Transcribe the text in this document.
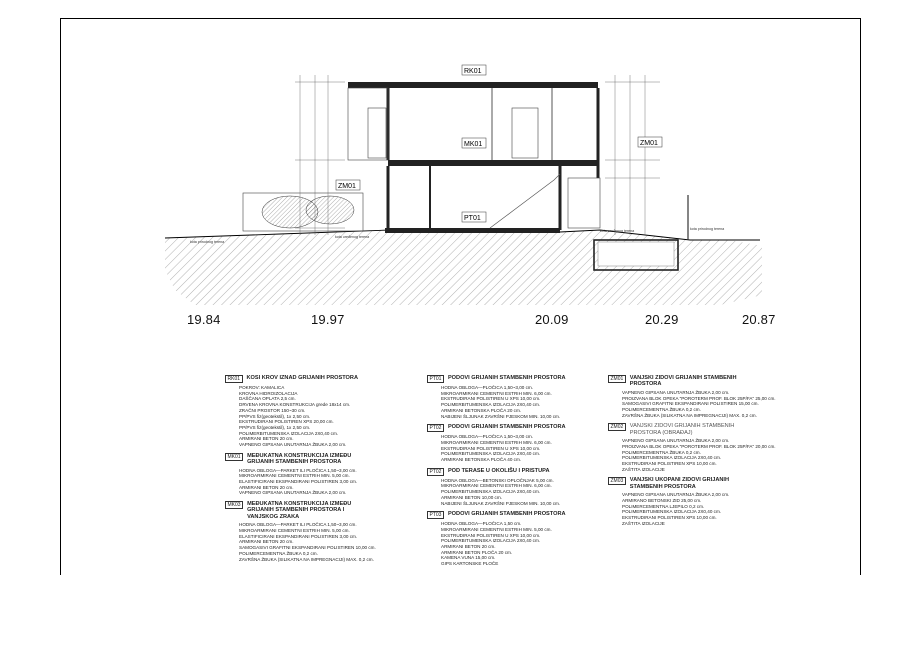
RK01
MK01	ZM01
ZM01
PT01
kota prirodnog terena
kota uređenog terena
kota prirodnog terena
kota uređenog terena
19.84	19.97	20.09	20.29	20.87
RK01	KOSI KROV IZNAD GRIJANIH PROSTORA
POKROV: KAMALICA
KROVNA HIDROIZOLACIJA
DAŠČANA OPLATA 2,5 cm.
DRVENA KROVNA KONSTRUKCIJA grede 18x14 cm.
ZRAČNI PROSTOR 150~30 cm.
PP/PVS fiz(geotekstil), 1x 2,50 cm.
EKSTRUDIRANI POLISTIREN XPS 20,00 cm.
PP/PVS fiz(geotekstil), 1x 2,50 cm.
POLIMERBITUMENSKA IZOLACIJA 2X0,40 cm.
ARMIRANI BETON 20 cm.
VAPNENO GIPSANA UNUTARNJA ŽBUKA 2,00 cm.
MK01	MEĐUKATNA KONSTRUKCIJA IZMEĐU GRIJANIH STAMBENIH PROSTORA
HODNA OBLOGA—PARKET ILI PLOČICA 1,50~3,00 cm.
MIKROARMIRANI CEMENTNI ESTRIH MIN. 5,00 cm.
ELASTIFICIRANI EKSPANDIRANI POLISTIREN 3,00 cm.
ARMIRANI BETON 20 cm.
VAPNENO GIPSANA UNUTARNJA ŽBUKA 2,00 cm.
MK03	MEĐUKATNA KONSTRUKCIJA IZMEĐU GRIJANIH STAMBENIH PROSTORA I VANJSKOG ZRAKA
HODNA OBLOGA—PARKET ILI PLOČICA 1,50~3,00 cm.
MIKROARMIRANI CEMENTNI ESTRIH MIN. 5,00 cm.
ELASTIFICIRANI EKSPANDIRANI POLISTIREN 3,00 cm.
ARMIRANI BETON 20 cm.
SAMOGASIVI GRAFITNI EKSPANDIRANI POLISTIREN 10,00 cm.
POLIMERCEMENTNA ŽBUKA 0,2 cm.
ZAVRŠNA ŽBUKA (SILIKATNA NA IMPREGNACIJI) MAX. 0,2 cm.
PT01	PODOVI GRIJANIH STAMBENIH PROSTORA
HODNA OBLOGA—PLOČICA 1,50~3,00 cm.
MIKROARMIRANI CEMENTNI ESTRIH MIN. 6,00 cm.
EKSTRUDIRANI POLISTIREN U XPS 10,00 cm.
POLIMERBITUMENSKA IZOLACIJA 2X0,40 cm.
ARMIRANI BETONSKA PLOČA 20 cm.
NABIJENI ŠLJUNAK ZAVRŠNI PJESKOM MIN. 10,00 cm.
PT02	PODOVI GRIJANIH STAMBENIH PROSTORA
HODNA OBLOGA—PLOČICA 1,50~3,00 cm.
MIKROARMIRANI CEMENTNI ESTRIH MIN. 6,00 cm.
EKSTRUDIRANI POLISTIREN U XPS 10,00 cm.
POLIMERBITUMENSKA IZOLACIJA 2X0,40 cm.
ARMIRANI BETONSKA PLOČA 40 cm.
PT02	POD TERASE U OKOLIŠU I PRISTUPA
HODNA OBLOGA—BETONSKI OPLOČNJAK 5,00 cm.
MIKROARMIRANI CEMENTNI ESTRIH MIN. 6,00 cm.
POLIMERBITUMENSKA IZOLACIJA 2X0,40 cm.
ARMIRANI BETON 10,00 cm.
NABIJENI ŠLJUNAK ZAVRŠNI PJESKOM MIN. 10,00 cm.
PT03	PODOVI GRIJANIH STAMBENIH PROSTORA
HODNA OBLOGA—PLOČICA 1,50 cm.
MIKROARMIRANI CEMENTNI ESTRIH MIN. 5,00 cm.
EKSTRUDIRANI POLISTIREN U XPS 10,00 cm.
POLIMERBITUMENSKA IZOLACIJA 2X0,40 cm.
ARMIRANI BETON 20 cm.
ARMIRANI BETON PLOČA 20 cm.
KAMENA VUNA 15,00 cm.
GIPS KARTONSKE PLOČE
ZM01	VANJSKI ZIDOVI GRIJANIH STAMBENIH PROSTORA
VAPNENO GIPSANA UNUTARNJA ŽBUKA 2,00 cm.
PROIZVANA BLOK OPEKA "POROTERM PROF. BLOK 25P/FA" 25,00 cm.
SAMOGASIVI GRAFITNI EKSPANDIRANI POLISTIREN 15,00 cm.
POLIMERCEMENTNA ŽBUKA 0,2 cm.
ZAVRŠNA ŽBUKA (SILIKATNA NA IMPREGNACIJI) MAX. 0,2 cm.
ZM02	VANJSKI ZIDOVI GRIJANIH STAMBENIH PROSTORA (OBRAĐAJ)
VAPNENO GIPSANA UNUTARNJA ŽBUKA 2,00 cm.
PROIZVANA BLOK OPEKA "POROTERM PROF. BLOK 25P/FA" 20,00 cm.
POLIMERCEMENTNA ŽBUKA 0,2 cm.
POLIMERBITUMENSKA IZOLACIJA 2X0,40 cm.
EKSTRUDIRANI POLISTIREN XPS 10,00 cm.
ZAŠTITA IZOLACIJE
ZM03	VANJSKI UKOPANI ZIDOVI GRIJANIH STAMBENIH PROSTORA
VAPNENO GIPSANA UNUTARNJA ŽBUKA 2,00 cm.
ARMIRANO BETONSKI ZID 25,00 cm.
POLIMERCEMENTNA LJEPILO 0,2 cm.
POLIMERBITUMENSKA IZOLACIJA 2X0,40 cm.
EKSTRUDIRANI POLISTIREN XPS 10,00 cm.
ZAŠTITA IZOLACIJE
